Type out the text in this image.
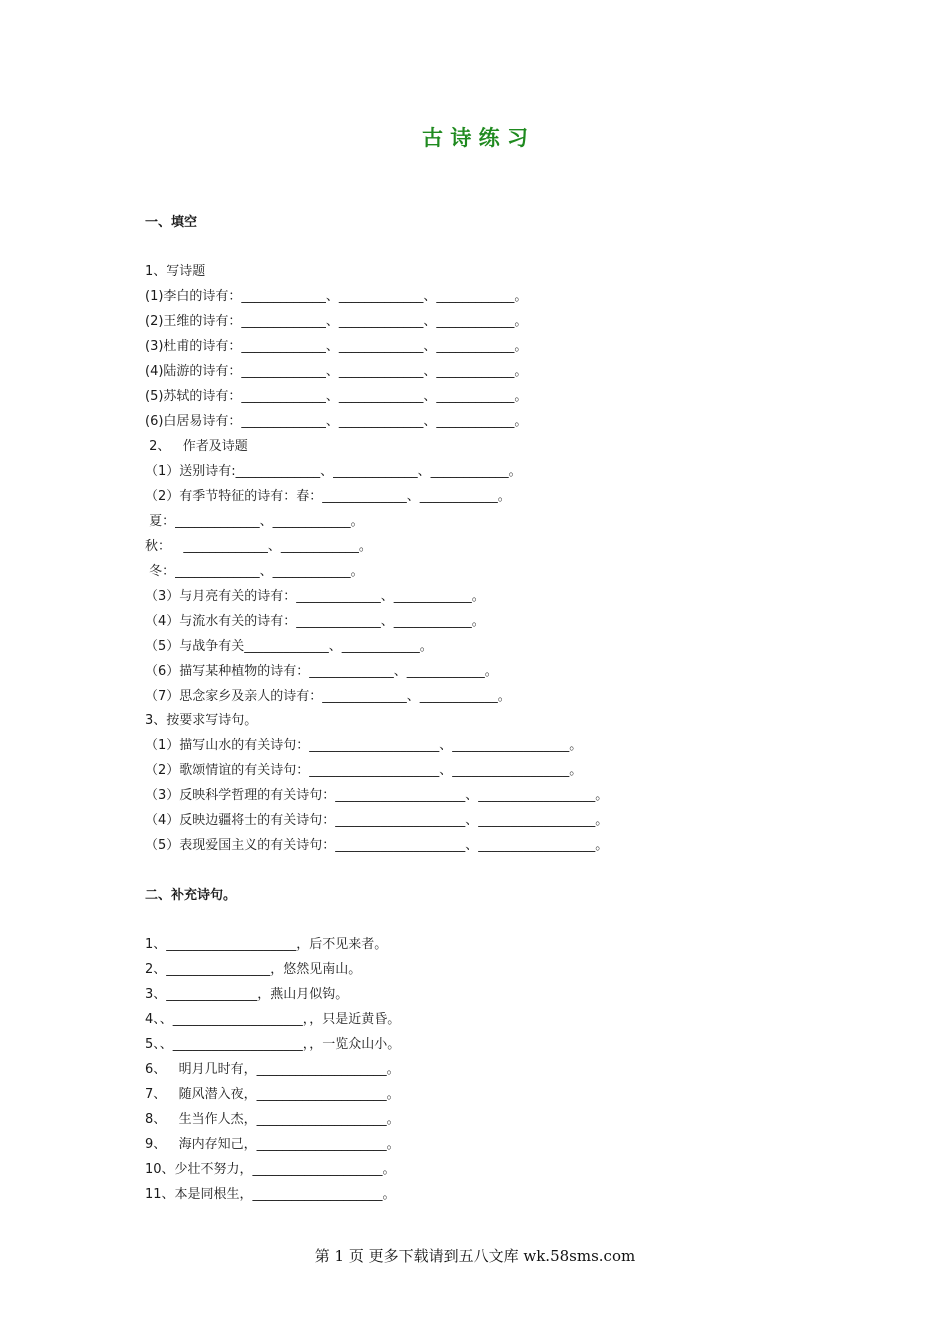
古 诗 练 习
一、填空
1、写诗题
(1)李白的诗有：_____________、_____________、____________。
(2)王维的诗有：_____________、_____________、____________。
(3)杜甫的诗有：_____________、_____________、____________。
(4)陆游的诗有：_____________、_____________、____________。
(5)苏轼的诗有：_____________、_____________、____________。
(6)白居易诗有：_____________、_____________、____________。
2、   作者及诗题
（1）送别诗有:_____________、_____________、____________。
（2）有季节特征的诗有：春：_____________、____________。
夏：_____________、____________。
秋：   _____________、____________。
冬：_____________、____________。
（3）与月亮有关的诗有：_____________、____________。
（4）与流水有关的诗有：_____________、____________。
（5）与战争有关_____________、____________。
（6）描写某种植物的诗有：_____________、____________。
（7）思念家乡及亲人的诗有：_____________、____________。
3、按要求写诗句。
（1）描写山水的有关诗句：____________________、__________________。
（2）歌颂情谊的有关诗句：____________________、__________________。
（3）反映科学哲理的有关诗句：____________________、__________________。
（4）反映边疆将士的有关诗句：____________________、__________________。
（5）表现爱国主义的有关诗句：____________________、__________________。
二、补充诗句。
1、____________________，后不见来者。
2、________________，悠然见南山。
3、______________，燕山月似钩。
4、、____________________，，只是近黄昏。
5、、____________________，，一览众山小。
6、   明月几时有，____________________。
7、   随风潜入夜，____________________。
8、   生当作人杰，____________________。
9、   海内存知己，____________________。
10、少壮不努力，____________________。
11、本是同根生，____________________。
第 1 页 更多下载请到五八文库 wk.58sms.com
